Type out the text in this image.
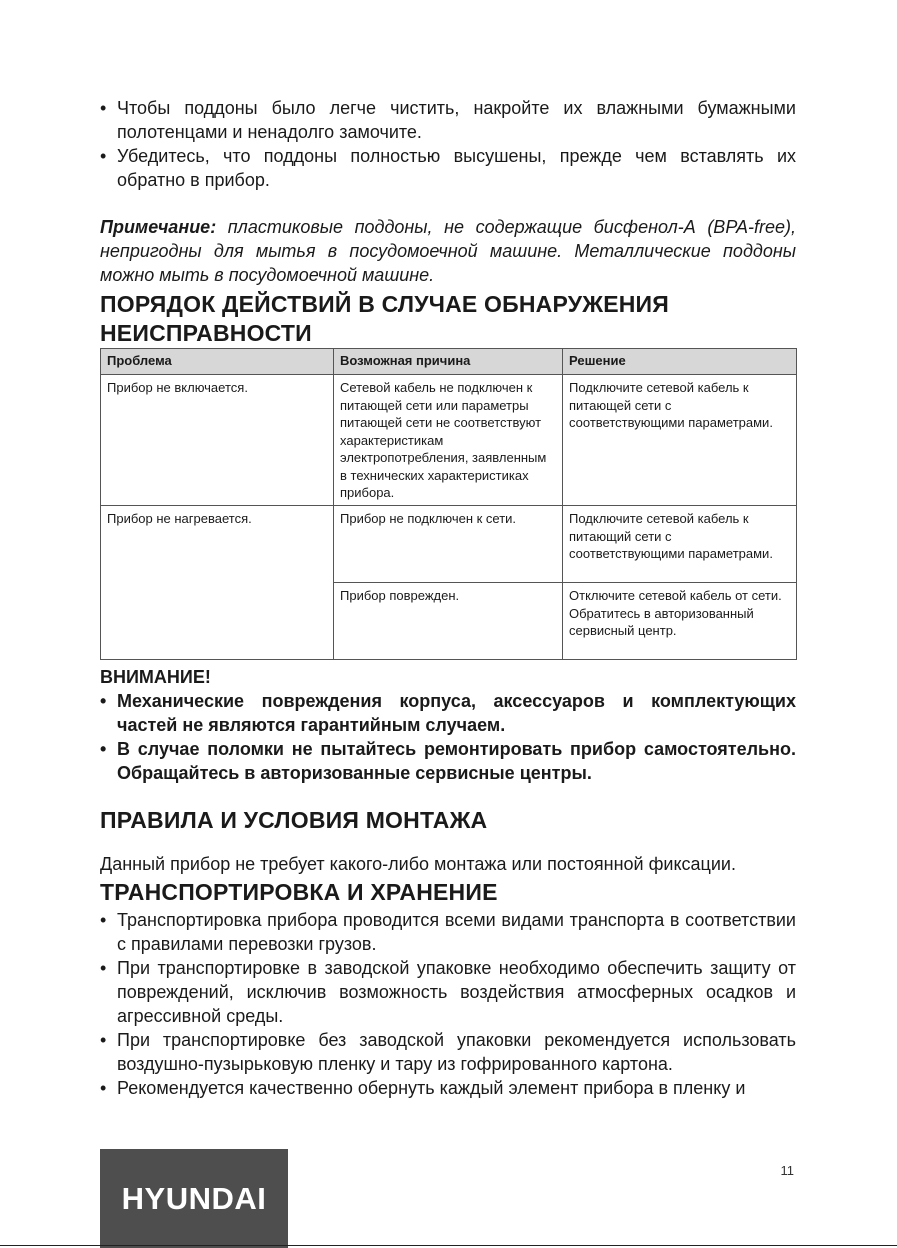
• Чтобы поддоны было легче чистить, накройте их влажными бумажными полотенцами и ненадолго замочите.
• Убедитесь, что поддоны полностью высушены, прежде чем вставлять их обратно в прибор.

Примечание: пластиковые поддоны, не содержащие бисфенол-А (BPA-free), непригодны для мытья в посудомоечной машине. Металлические поддоны можно мыть в посудомоечной машине.

ПОРЯДОК ДЕЙСТВИЙ В СЛУЧАЕ ОБНАРУЖЕНИЯ НЕИСПРАВНОСТИ
Проблема	Возможная причина	Решение
Прибор не включается.	Сетевой кабель не подключен к питающей сети или параметры питающей сети не соответствуют характеристикам электропотребления, заявленным в технических характеристиках прибора.	Подключите сетевой кабель к питающей сети с соответствующими параметрами.
Прибор не нагревается.	Прибор не подключен к сети.	Подключите сетевой кабель к питающий сети с соответствующими параметрами.
	Прибор поврежден.	Отключите сетевой кабель от сети. Обратитесь в авторизованный сервисный центр.
ВНИМАНИЕ!
• Механические повреждения корпуса, аксессуаров и комплектующих частей не являются гарантийным случаем.
• В случае поломки не пытайтесь ремонтировать прибор самостоятельно. Обращайтесь в авторизованные сервисные центры.
ПРАВИЛА И УСЛОВИЯ МОНТАЖА

Данный прибор не требует какого-либо монтажа или постоянной фиксации.

ТРАНСПОРТИРОВКА И ХРАНЕНИЕ
• Транспортировка прибора проводится всеми видами транспорта в соответствии с правилами перевозки грузов.
• При транспортировке в заводской упаковке необходимо обеспечить защиту от повреждений, исключив возможность воздействия атмосферных осадков и агрессивной среды.
• При транспортировке без заводской упаковки рекомендуется использовать воздушно-пузырьковую пленку и тару из гофрированного картона.
• Рекомендуется качественно обернуть каждый элемент прибора в пленку и
HYUNDAI
11
